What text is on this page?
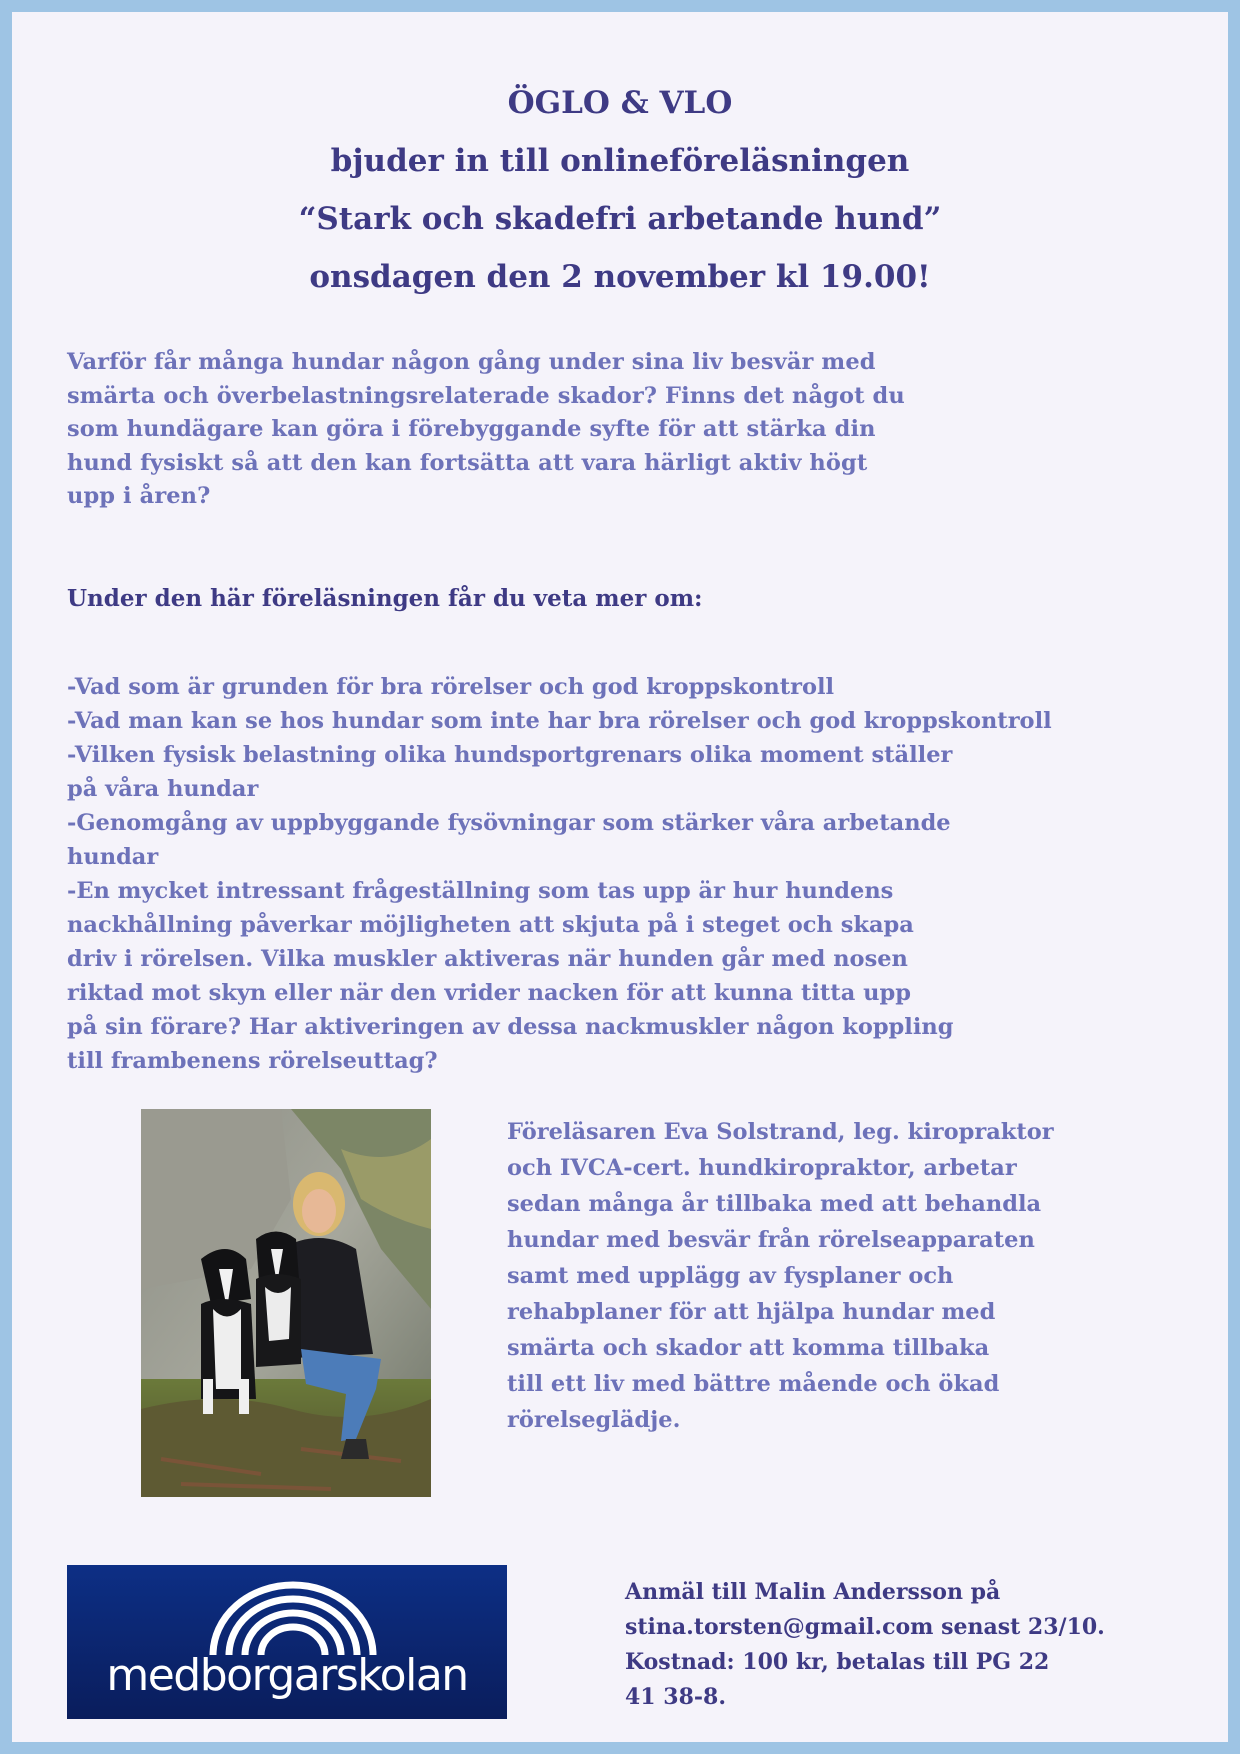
ÖGLO & VLO
bjuder in till onlineföreläsningen
“Stark och skadefri arbetande hund”
onsdagen den 2 november kl 19.00!
Varför får många hundar någon gång under sina liv besvär med
smärta och överbelastningsrelaterade skador? Finns det något du
som hundägare kan göra i förebyggande syfte för att stärka din
hund fysiskt så att den kan fortsätta att vara härligt aktiv högt
upp i åren?
Under den här föreläsningen får du veta mer om:
-Vad som är grunden för bra rörelser och god kroppskontroll
-Vad man kan se hos hundar som inte har bra rörelser och god kroppskontroll
-Vilken fysisk belastning olika hundsportgrenars olika moment ställer
på våra hundar
-Genomgång av uppbyggande fysövningar som stärker våra arbetande
hundar
-En mycket intressant frågeställning som tas upp är hur hundens
nackhållning påverkar möjligheten att skjuta på i steget och skapa
driv i rörelsen. Vilka muskler aktiveras när hunden går med nosen
riktad mot skyn eller när den vrider nacken för att kunna titta upp
på sin förare? Har aktiveringen av dessa nackmuskler någon koppling
till frambenens rörelseuttag?
Föreläsaren Eva Solstrand, leg. kiropraktor
och IVCA-cert. hundkiropraktor, arbetar
sedan många år tillbaka med att behandla
hundar med besvär från rörelseapparaten
samt med upplägg av fysplaner och
rehabplaner för att hjälpa hundar med
smärta och skador att komma tillbaka
till ett liv med bättre mående och ökad
rörelseglädje.
medborgarskolan
Anmäl till Malin Andersson på
stina.torsten@gmail.com senast 23/10.
Kostnad: 100 kr, betalas till PG 22
41 38-8.
